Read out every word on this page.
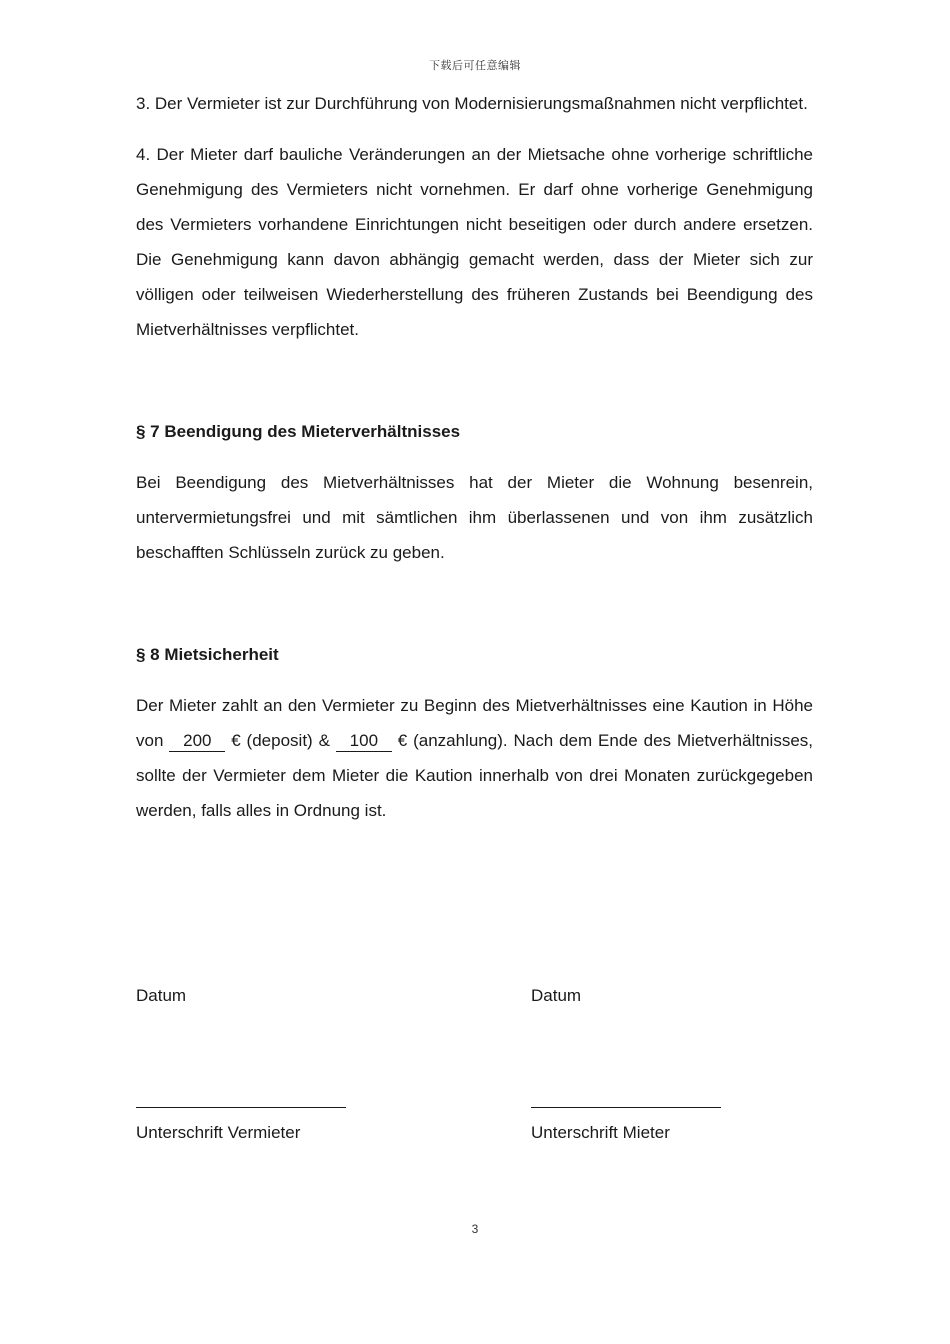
下载后可任意编辑

3. Der Vermieter ist zur Durchführung von Modernisierungsmaßnahmen nicht verpflichtet.

4. Der Mieter darf bauliche Veränderungen an der Mietsache ohne vorherige schriftliche Genehmigung des Vermieters nicht vornehmen. Er darf ohne vorherige Genehmigung des Vermieters vorhandene Einrichtungen nicht beseitigen oder durch andere ersetzen. Die Genehmigung kann davon abhängig gemacht werden, dass der Mieter sich zur völligen oder teilweisen Wiederherstellung des früheren Zustands bei Beendigung des Mietverhältnisses verpflichtet.

§ 7 Beendigung des Mieterverhältnisses

Bei Beendigung des Mietverhältnisses hat der Mieter die Wohnung besenrein, untervermietungsfrei und mit sämtlichen ihm überlassenen und von ihm zusätzlich beschafften Schlüsseln zurück zu geben.

§ 8 Mietsicherheit

Der Mieter zahlt an den Vermieter zu Beginn des Mietverhältnisses eine Kaution in Höhe von 200 € (deposit) & 100 € (anzahlung). Nach dem Ende des Mietverhältnisses, sollte der Vermieter dem Mieter die Kaution innerhalb von drei Monaten zurückgegeben werden, falls alles in Ordnung ist.

Datum	Datum
Unterschrift Vermieter	Unterschrift Mieter
3
